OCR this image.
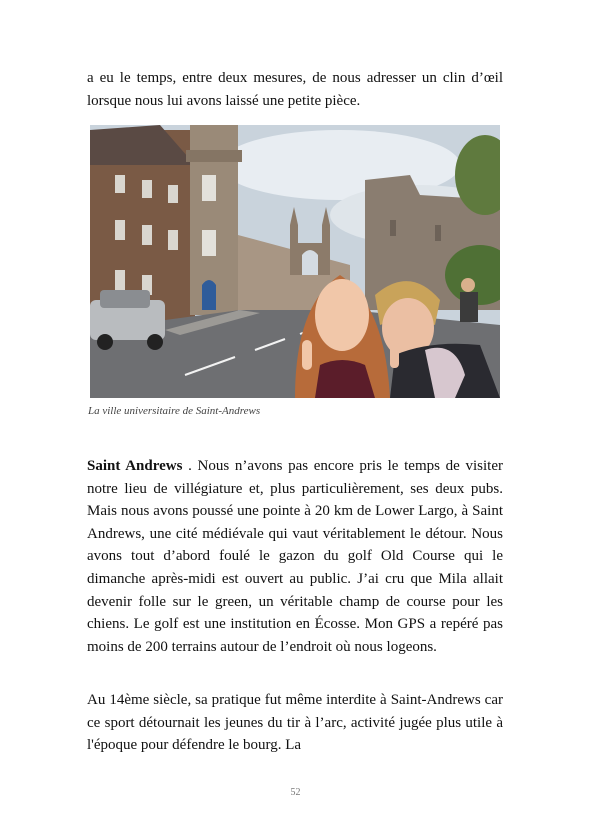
a eu le temps, entre deux mesures, de nous adresser un clin d’œil lorsque nous lui avons laissé une petite pièce.

La ville universitaire de Saint-Andrews

Saint Andrews . Nous n’avons pas encore pris le temps de visiter notre lieu de villégiature et, plus particulièrement, ses deux pubs. Mais nous avons poussé une pointe à 20 km de Lower Largo, à Saint Andrews, une cité médiévale qui vaut véritablement le détour. Nous avons tout d’abord foulé le gazon du golf Old Course qui le dimanche après-midi est ouvert au public. J’ai cru que Mila allait devenir folle sur le green, un véritable champ de course pour les chiens. Le golf est une institution en Écosse. Mon GPS a repéré pas moins de 200 terrains autour de l’endroit où nous logeons.

Au 14ème siècle, sa pratique fut même interdite à Saint-Andrews car ce sport détournait les jeunes du tir à l’arc, activité jugée plus utile à l'époque pour défendre le bourg. La

52
